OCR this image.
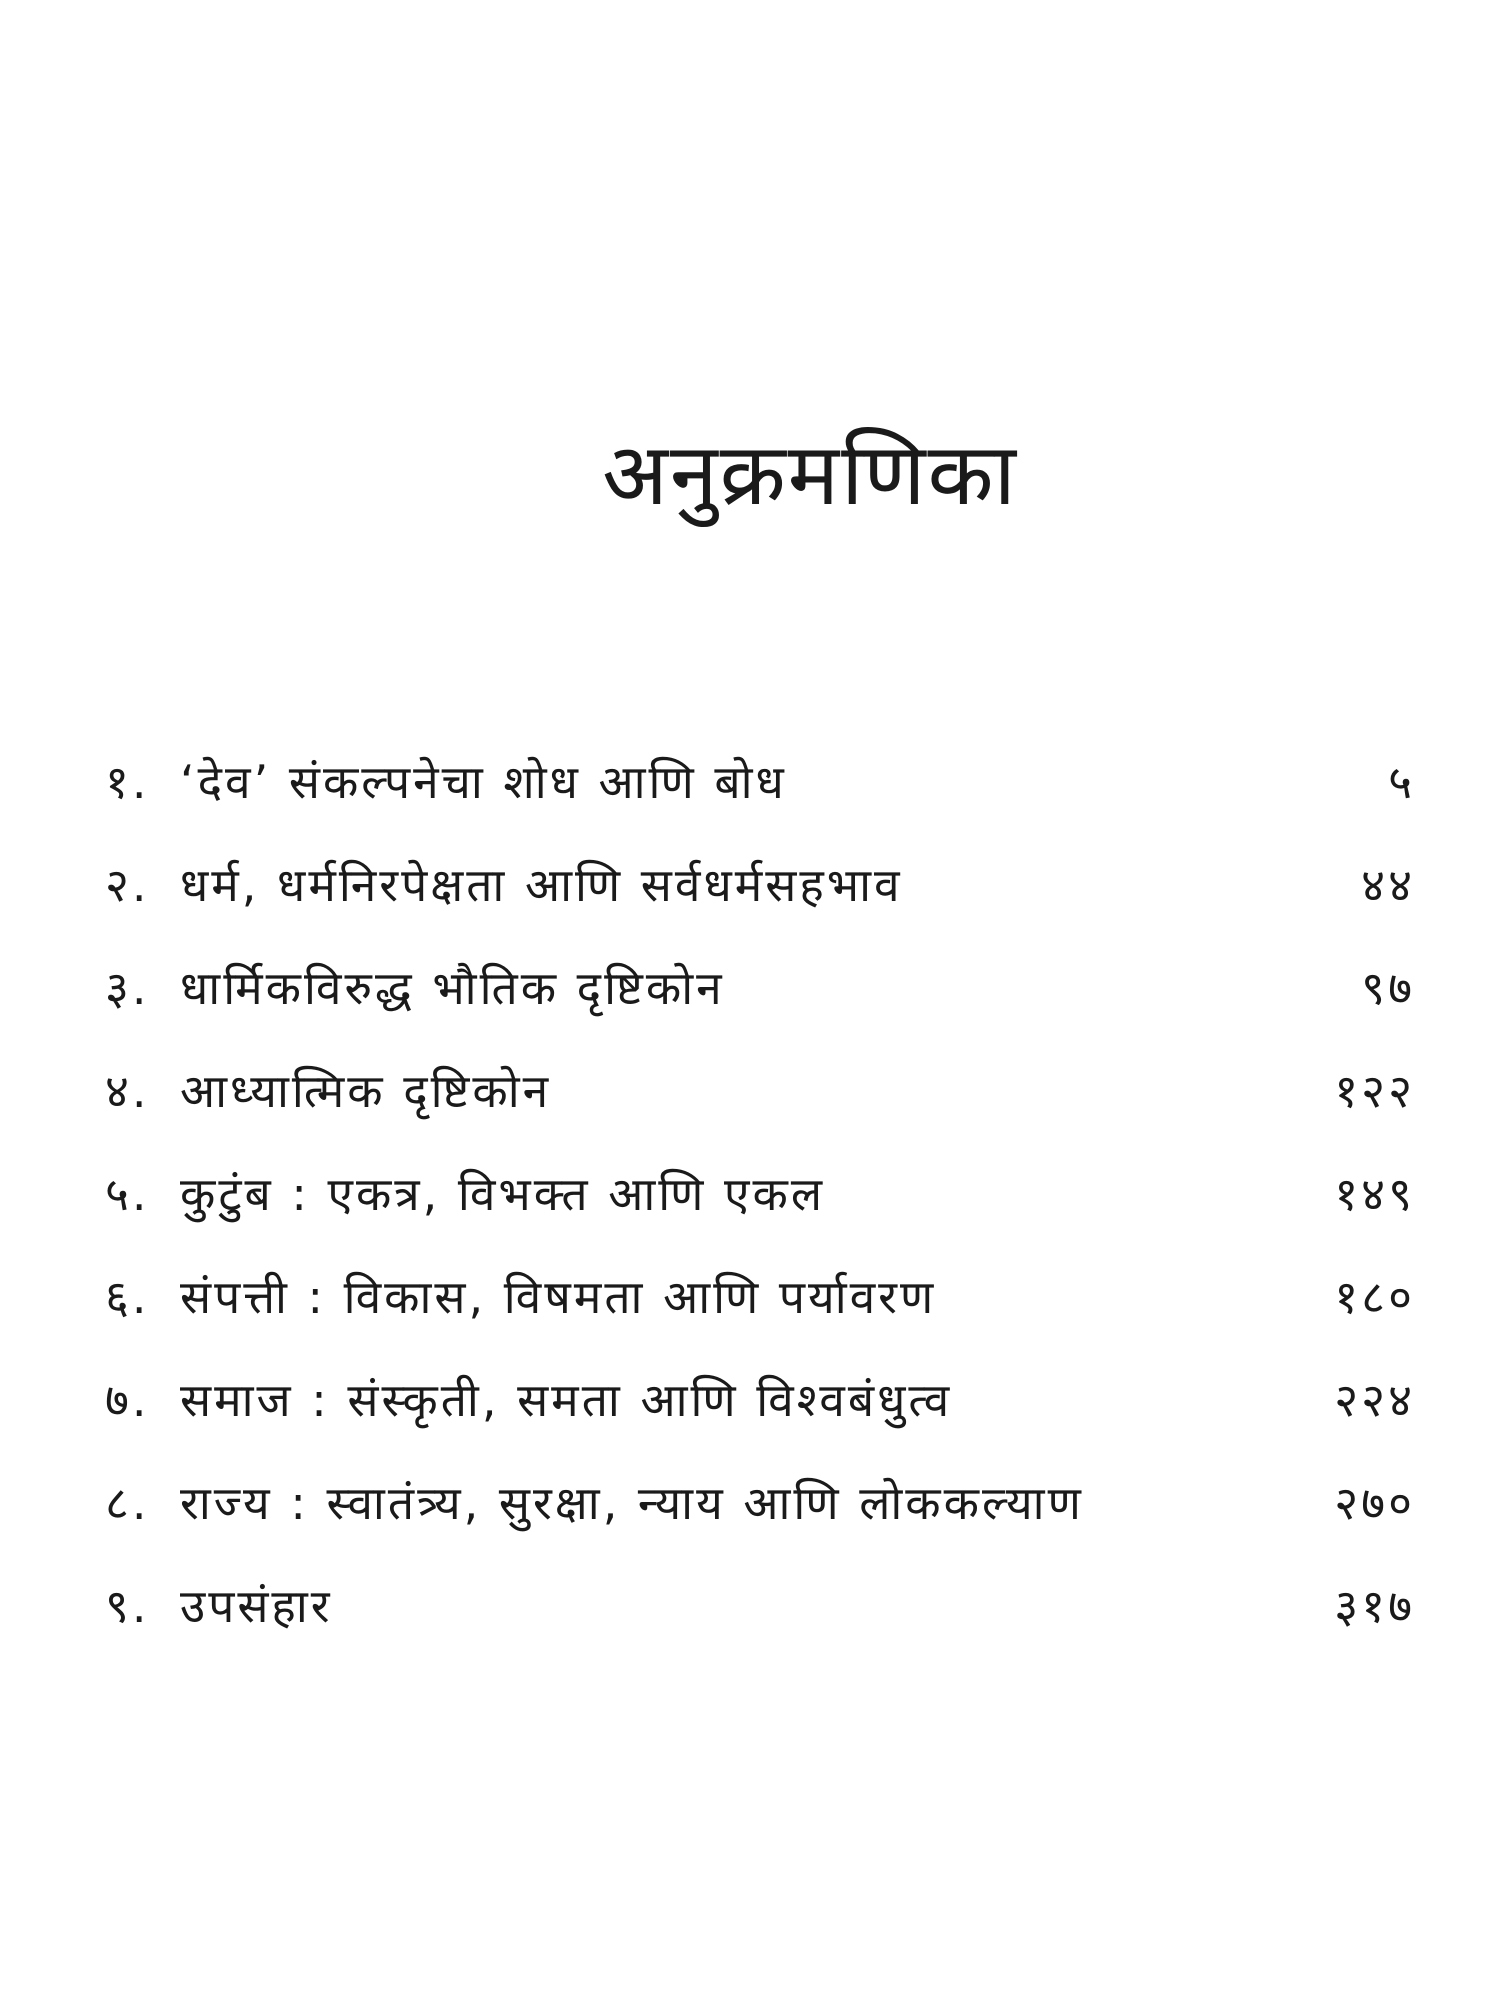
अनुक्रमणिका
१. ‘देव’ संकल्पनेचा शोध आणि बोध	५
२. धर्म, धर्मनिरपेक्षता आणि सर्वधर्मसहभाव	४४
३. धार्मिकविरुद्ध भौतिक दृष्टिकोन	९७
४. आध्यात्मिक दृष्टिकोन	१२२
५. कुटुंब : एकत्र, विभक्त आणि एकल	१४९
६. संपत्ती : विकास, विषमता आणि पर्यावरण	१८०
७. समाज : संस्कृती, समता आणि विश्वबंधुत्व	२२४
८. राज्य : स्वातंत्र्य, सुरक्षा, न्याय आणि लोककल्याण	२७०
९. उपसंहार	३१७
